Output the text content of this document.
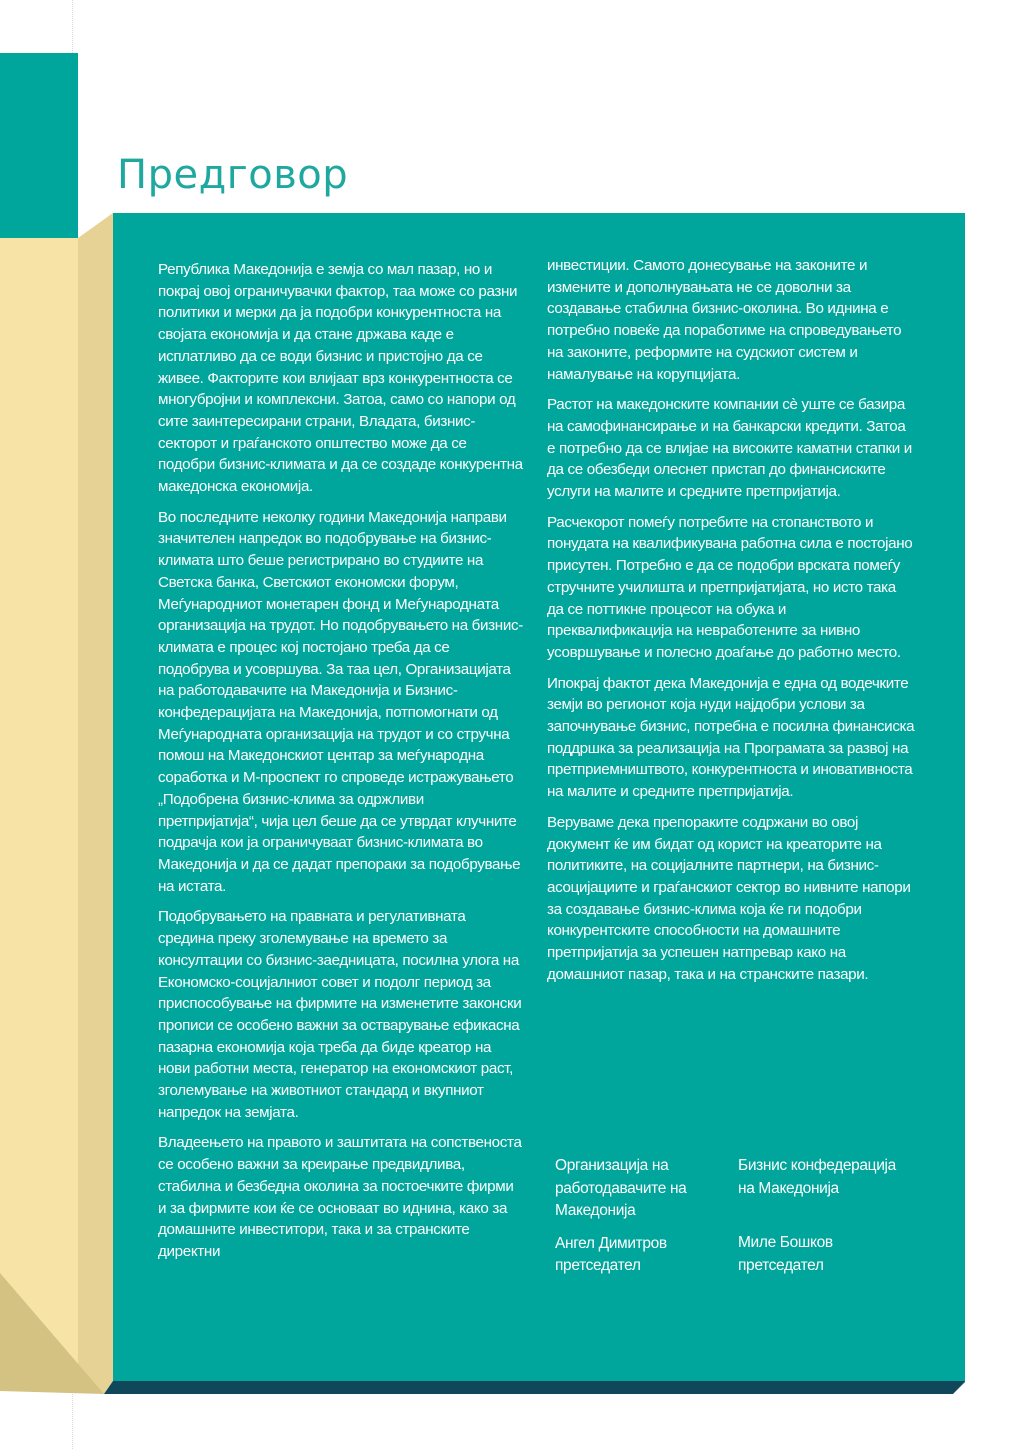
Предговор

Република Македонија е земја со мал пазар, но и покрај овој ограничувачки фактор, таа може со разни политики и мерки да ја подобри конкурентноста на својата економија и да стане држава каде е исплатливо да се води бизнис и пристојно да се живее. Факторите кои влијаат врз конкурентноста се многубројни и комплексни. Затоа, само со напори од сите заинтересирани страни, Владата, бизнис-секторот и граѓанското општество може да се подобри бизнис-климата и да се создаде конкурентна македонска економија.

Во последните неколку години Македонија направи значителен напредок во подобрување на бизнис-климата што беше регистрирано во студиите на Светска банка, Светскиот економски форум, Меѓународниот монетарен фонд и Меѓународната организација на трудот. Но подобрувањето на бизнис-климата е процес кој постојано треба да се подобрува и усовршува. За таа цел, Организацијата на работодавачите на Македонија и Бизнис-конфедерацијата на Македонија, потпомогнати од Меѓународната организација на трудот и со стручна помош на Македонскиот центар за меѓународна соработка и М-проспект го спроведе истражувањето „Подобрена бизнис-клима за одржливи претпријатија“, чија цел беше да се утврдат клучните подрачја кои ја ограничуваат бизнис-климата во Македонија и да се дадат препораки за подобрување на истата.

Подобрувањето на правната и регулативната средина преку зголемување на времето за консултации со бизнис-заедницата, посилна улога на Економско-социјалниот совет и подолг период за приспособување на фирмите на изменетите законски прописи се особено важни за остварување ефикасна пазарна економија која треба да биде креатор на нови работни места, генератор на економскиот раст, зголемување на животниот стандард и вкупниот напредок на земјата.

Владеењето на правото и заштитата на сопственоста се особено важни за креирање предвидлива, стабилна и безбедна околина за постоечките фирми и за фирмите кои ќе се основаат во иднина, како за домашните инвеститори, така и за странските директни

инвестиции. Самото донесување на законите и измените и дополнувањата не се доволни за создавање стабилна бизнис-околина. Во иднина е потребно повеќе да поработиме на спроведувањето на законите, реформите на судскиот систем и намалување на корупцијата.

Растот на македонските компании сè уште се базира на самофинансирање и на банкарски кредити. Затоа е потребно да се влијае на високите каматни стапки и да се обезбеди олеснет пристап до финансиските услуги на малите и средните претпријатија.

Расчекорот помеѓу потребите на стопанството и понудата на квалификувана работна сила е постојано присутен. Потребно е да се подобри врската помеѓу стручните училишта и претпријатијата, но исто така да се поттикне процесот на обука и преквалификација на невработените за нивно усовршување и полесно доаѓање до работно место.

Ипокрај фактот дека Македонија е една од водечките земји во регионот која нуди најдобри услови за започнување бизнис, потребна е посилна финансиска поддршка за реализација на Програмата за развој на претприемништвото, конкурентноста и иновативноста на малите и средните претпријатија.

Веруваме дека препораките содржани во овој документ ќе им бидат од корист на креаторите на политиките, на социјалните партнери, на бизнис-асоцијациите и граѓанскиот сектор во нивните напори за создавање бизнис-клима која ќе ги подобри конкурентските способности на домашните претпријатија за успешен натпревар како на домашниот пазар, така и на странските пазари.

Организација на работодавачите на Македонија
Ангел Димитров
претседател
Бизнис конфедерација на Македонија
Миле Бошков
претседател
